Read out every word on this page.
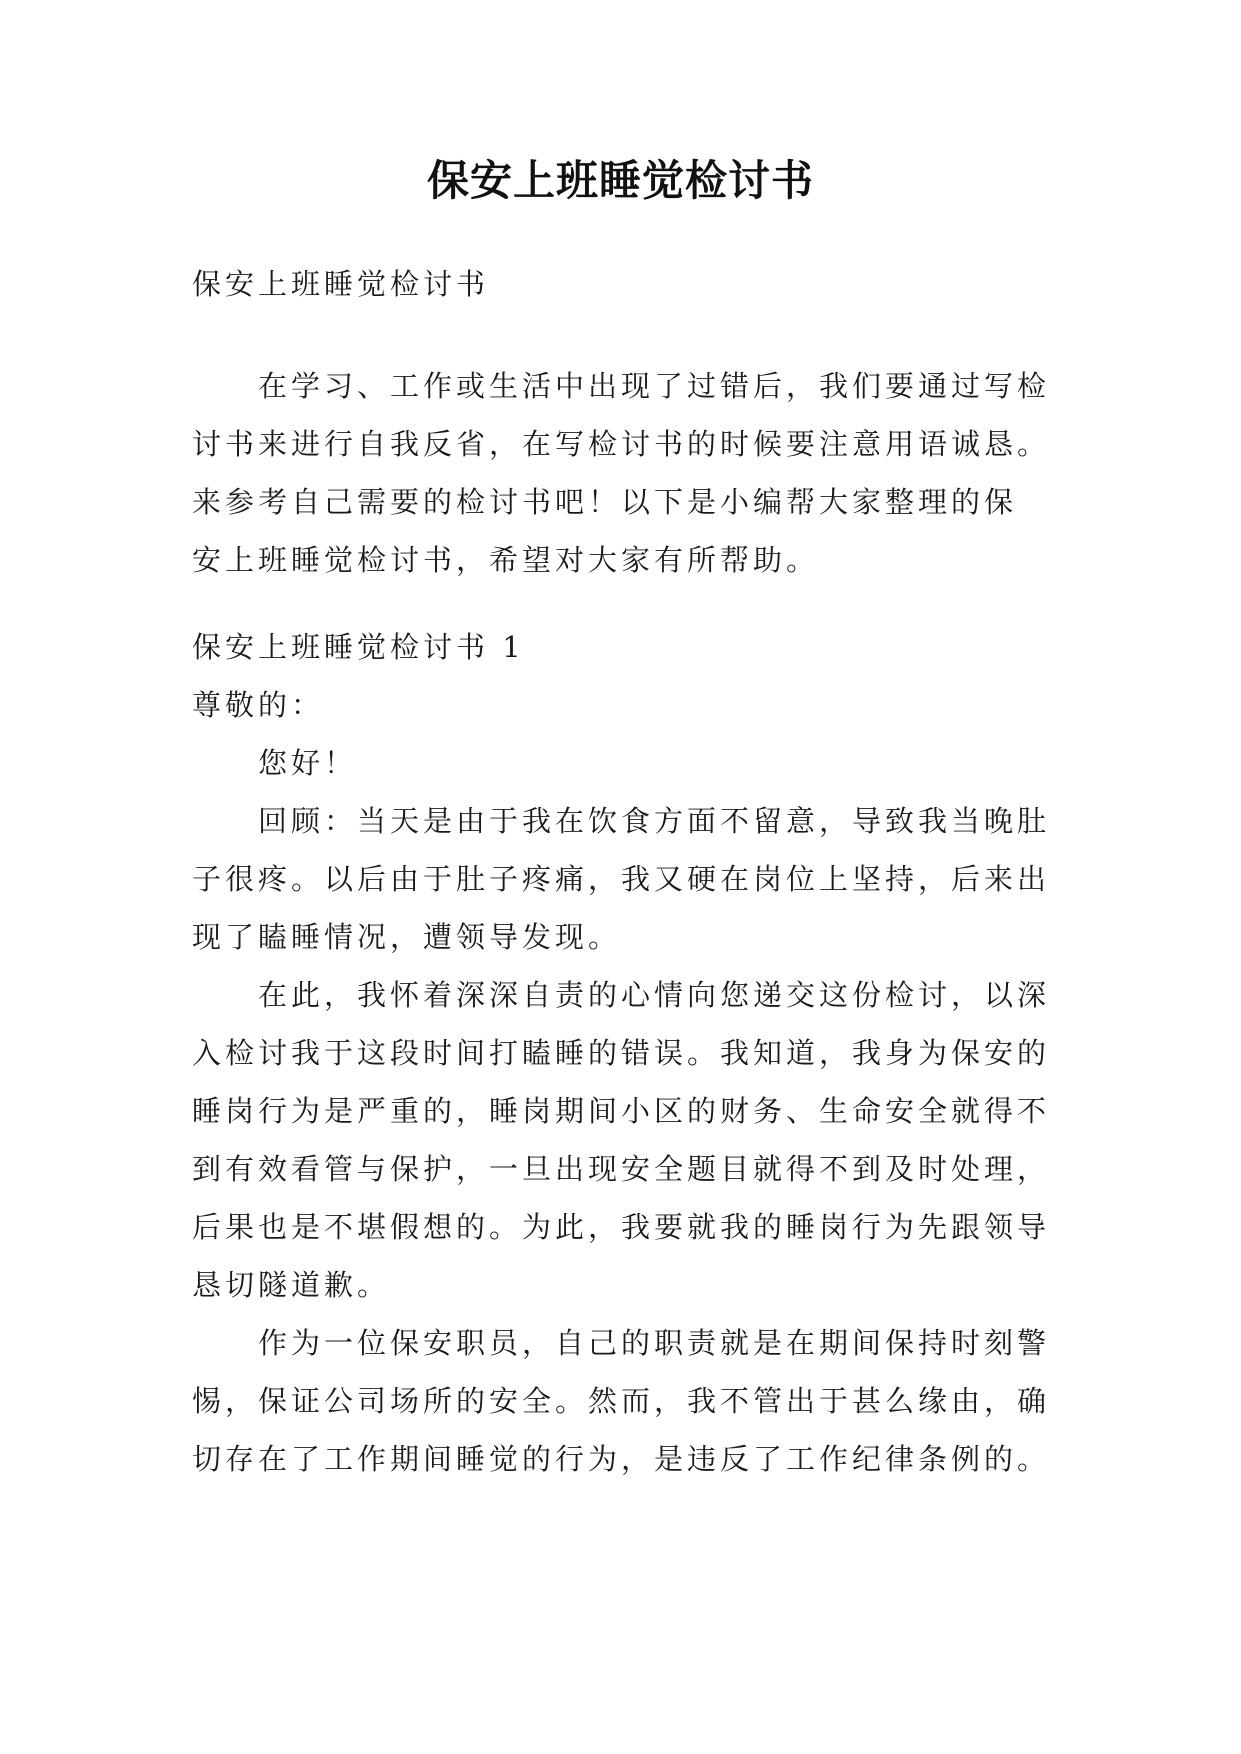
保安上班睡觉检讨书
保安上班睡觉检讨书
在学习、工作或生活中出现了过错后，我们要通过写检
讨书来进行自我反省，在写检讨书的时候要注意用语诚恳。
来参考自己需要的检讨书吧！以下是小编帮大家整理的保
安上班睡觉检讨书，希望对大家有所帮助。
保安上班睡觉检讨书 1
尊敬的：
您好！
回顾：当天是由于我在饮食方面不留意，导致我当晚肚
子很疼。以后由于肚子疼痛，我又硬在岗位上坚持，后来出
现了瞌睡情况，遭领导发现。
在此，我怀着深深自责的心情向您递交这份检讨，以深
入检讨我于这段时间打瞌睡的错误。我知道，我身为保安的
睡岗行为是严重的，睡岗期间小区的财务、生命安全就得不
到有效看管与保护，一旦出现安全题目就得不到及时处理，
后果也是不堪假想的。为此，我要就我的睡岗行为先跟领导
恳切隧道歉。
作为一位保安职员，自己的职责就是在期间保持时刻警
惕，保证公司场所的安全。然而，我不管出于甚么缘由，确
切存在了工作期间睡觉的行为，是违反了工作纪律条例的。
